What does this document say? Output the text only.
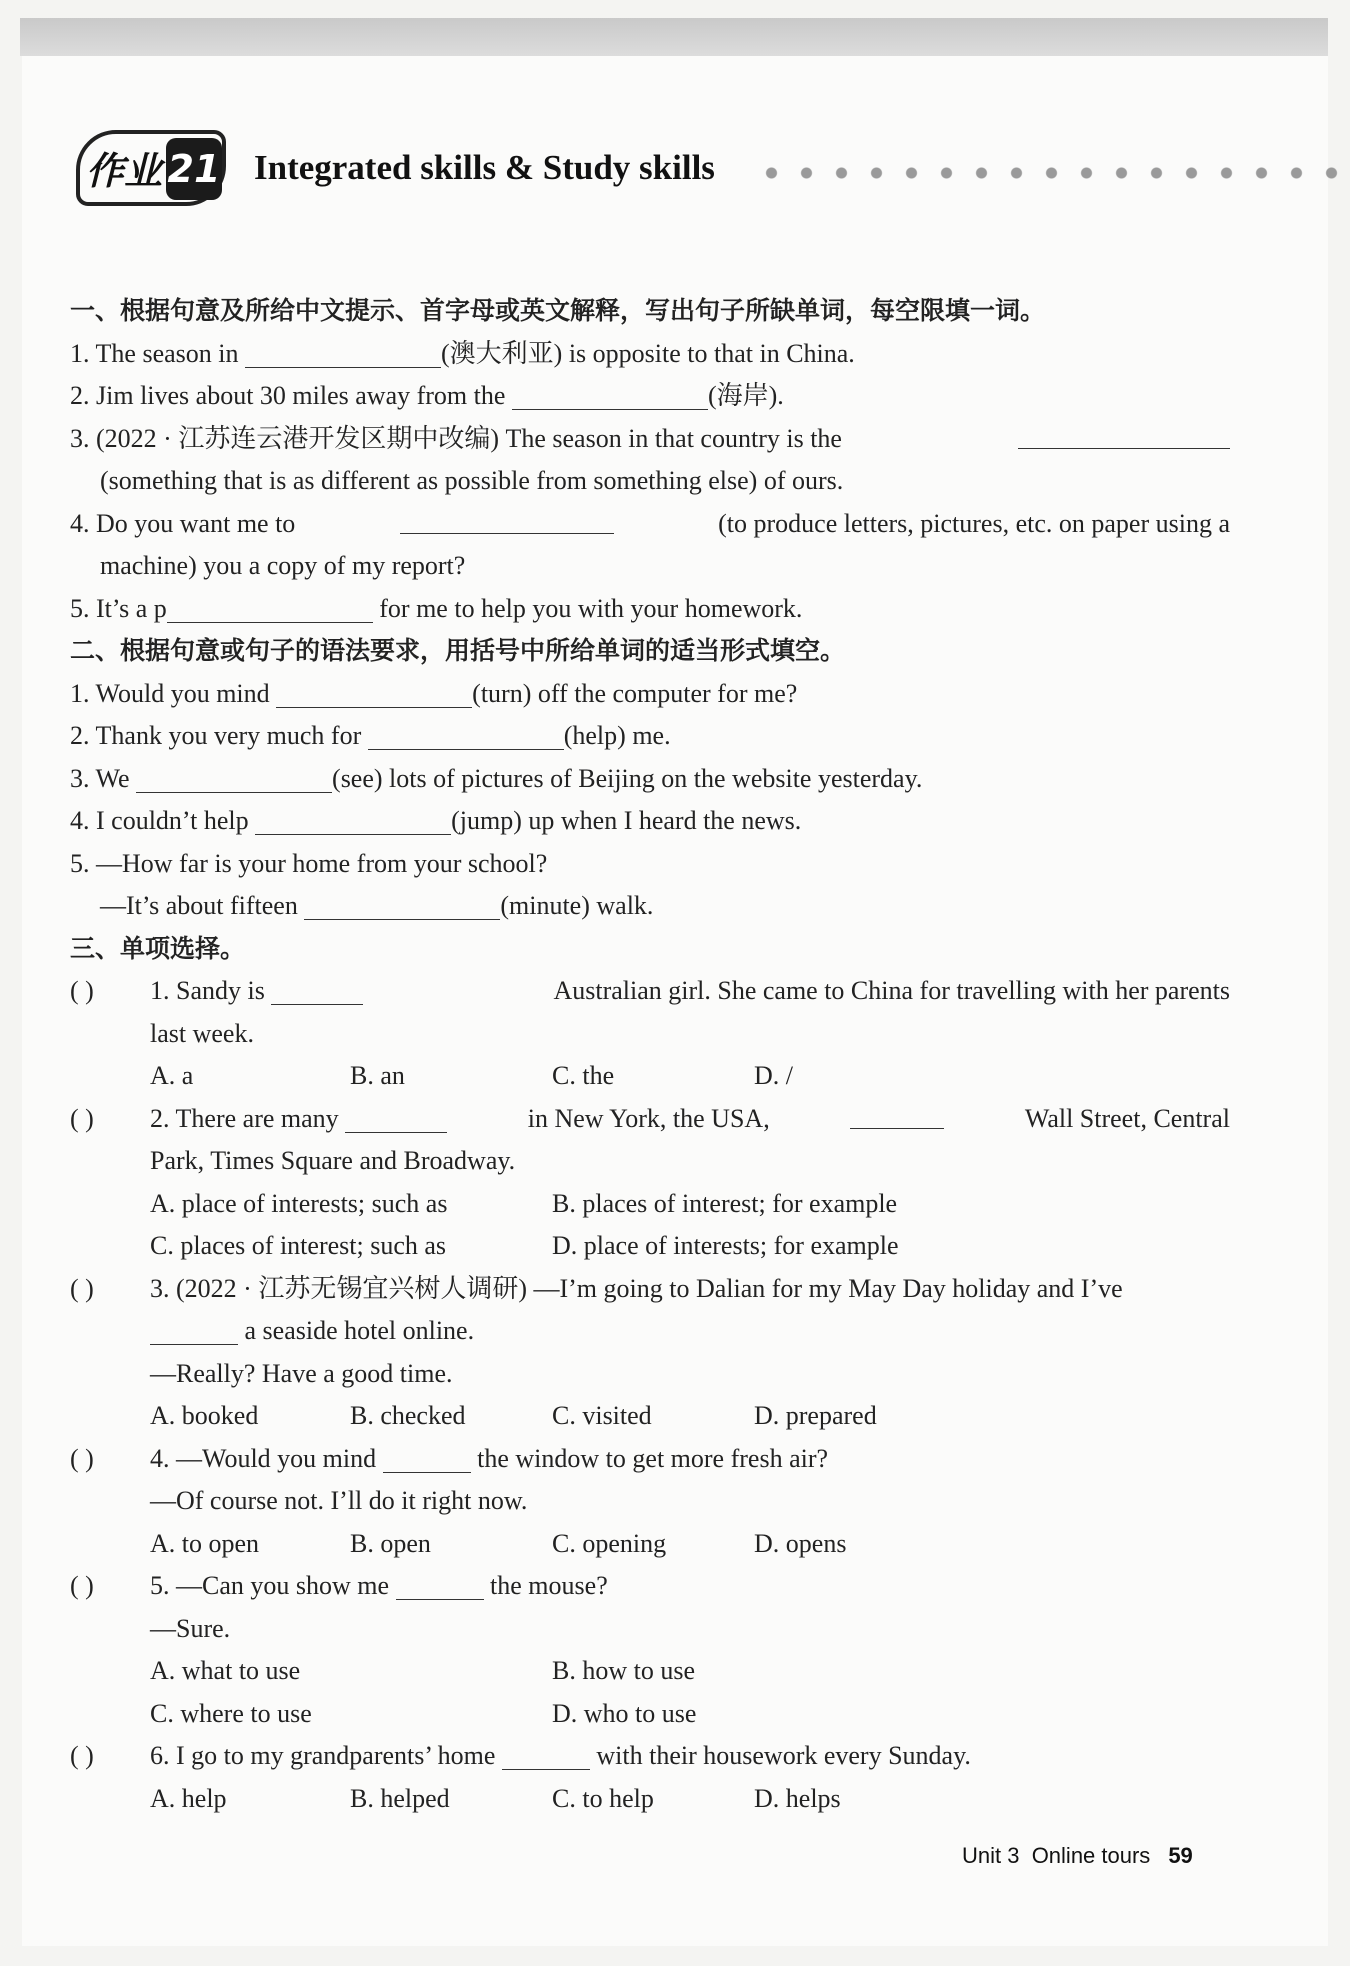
作业 21 Integrated skills & Study skills
一、根据句意及所给中文提示、首字母或英文解释，写出句子所缺单词，每空限填一词。
1. The season in	(澳大利亚) is opposite to that in China.
2. Jim lives about 30 miles away from the	(海岸).
3. (2022 · 江苏连云港开发区期中改编) The season in that country is the
(something that is as different as possible from something else) of ours.
4. Do you want me to	(to produce letters, pictures, etc. on paper using a
machine) you a copy of my report?
5. It’s a p	for me to help you with your homework.
二、根据句意或句子的语法要求，用括号中所给单词的适当形式填空。
1. Would you mind	(turn) off the computer for me?
2. Thank you very much for	(help) me.
3. We	(see) lots of pictures of Beijing on the website yesterday.
4. I couldn’t help	(jump) up when I heard the news.
5. —How far is your home from your school?
—It’s about fifteen	(minute) walk.
三、单项选择。
( )	1. Sandy is	Australian girl. She came to China for travelling with her parents
last week.
A. a	B. an	C. the	D. /
( )	2. There are many	in New York, the USA,	Wall Street, Central
Park, Times Square and Broadway.
A. place of interests; such as	B. places of interest; for example
C. places of interest; such as	D. place of interests; for example
( ) 3. (2022 · 江苏无锡宜兴树人调研) —I’m going to Dalian for my May Day holiday and I’ve
a seaside hotel online.
—Really? Have a good time.
A. booked	B. checked	C. visited	D. prepared
( ) 4. —Would you mind	the window to get more fresh air?
—Of course not. I’ll do it right now.
A. to open	B. open	C. opening	D. opens
( ) 5. —Can you show me	the mouse?
—Sure.
A. what to use	B. how to use
C. where to use	D. who to use
( ) 6. I go to my grandparents’ home	with their housework every Sunday.
A. help	B. helped	C. to help	D. helps
Unit 3  Online tours 59
